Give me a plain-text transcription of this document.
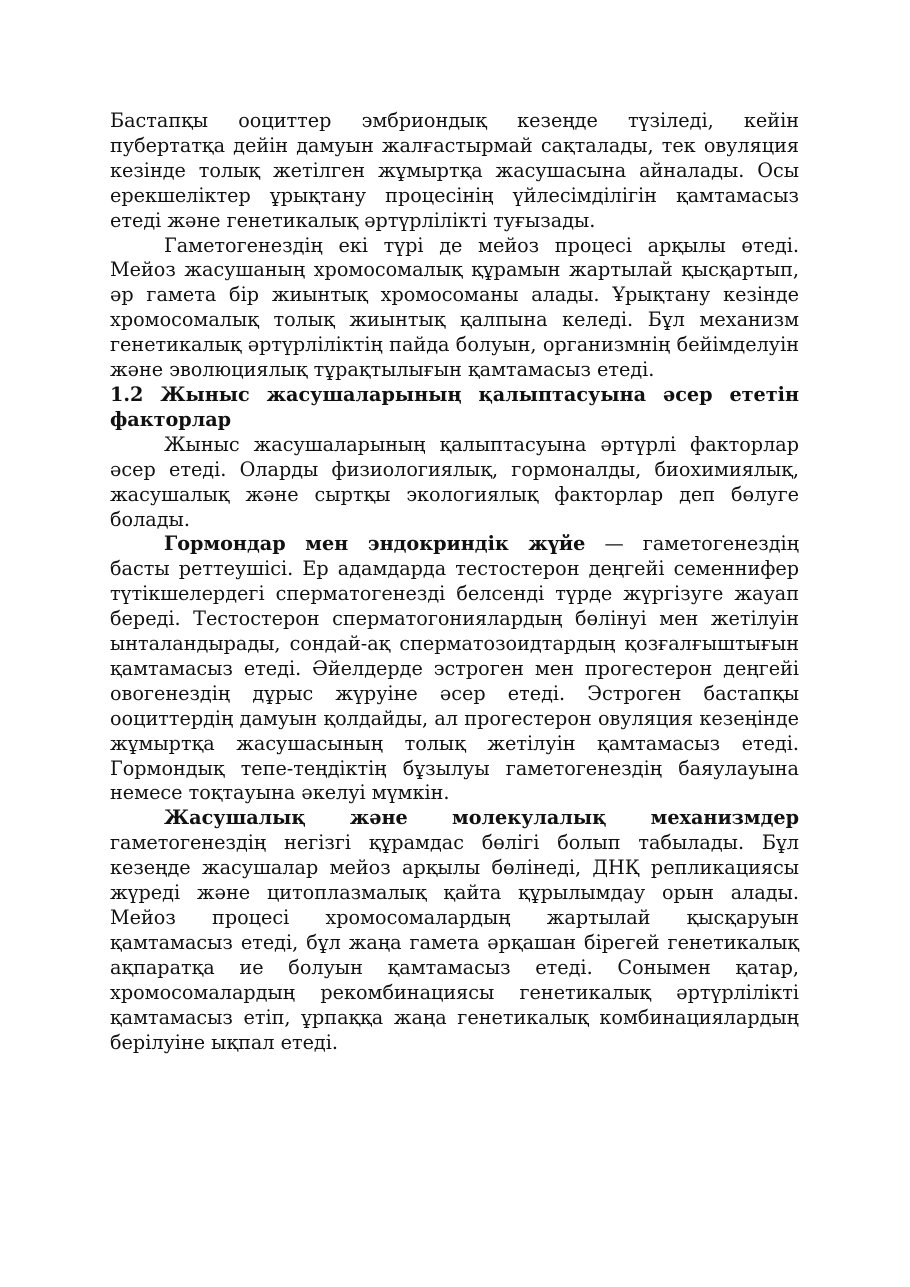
Бастапқы ооциттер эмбриондық кезеңде түзіледі, кейін пубертатқа дейін дамуын жалғастырмай сақталады, тек овуляция кезінде толық жетілген жұмыртқа жасушасына айналады. Осы ерекшеліктер ұрықтану процесінің үйлесімділігін қамтамасыз етеді және генетикалық әртүрлілікті туғызады.

Гаметогенездің екі түрі де мейоз процесі арқылы өтеді. Мейоз жасушаның хромосомалық құрамын жартылай қысқартып, әр гамета бір жиынтық хромосоманы алады. Ұрықтану кезінде хромосомалық толық жиынтық қалпына келеді. Бұл механизм генетикалық әртүрліліктің пайда болуын, организмнің бейімделуін және эволюциялық тұрақтылығын қамтамасыз етеді.

1.2 Жыныс жасушаларының қалыптасуына әсер ететін факторлар

Жыныс жасушаларының қалыптасуына әртүрлі факторлар әсер етеді. Оларды физиологиялық, гормоналды, биохимиялық, жасушалық және сыртқы экологиялық факторлар деп бөлуге болады.

Гормондар мен эндокриндік жүйе — гаметогенездің басты реттеушісі. Ер адамдарда тестостерон деңгейі семеннифер түтікшелердегі сперматогенезді белсенді түрде жүргізуге жауап береді. Тестостерон сперматогониялардың бөлінуі мен жетілуін ынталандырады, сондай-ақ сперматозоидтардың қозғалғыштығын қамтамасыз етеді. Әйелдерде эстроген мен прогестерон деңгейі овогенездің дұрыс жүруіне әсер етеді. Эстроген бастапқы ооциттердің дамуын қолдайды, ал прогестерон овуляция кезеңінде жұмыртқа жасушасының толық жетілуін қамтамасыз етеді. Гормондық тепе-теңдіктің бұзылуы гаметогенездің баяулауына немесе тоқтауына әкелуі мүмкін.

Жасушалық және молекулалық механизмдер гаметогенездің негізгі құрамдас бөлігі болып табылады. Бұл кезеңде жасушалар мейоз арқылы бөлінеді, ДНҚ репликациясы жүреді және цитоплазмалық қайта құрылымдау орын алады. Мейоз процесі хромосомалардың жартылай қысқаруын қамтамасыз етеді, бұл жаңа гамета әрқашан бірегей генетикалық ақпаратқа ие болуын қамтамасыз етеді. Сонымен қатар, хромосомалардың рекомбинациясы генетикалық әртүрлілікті қамтамасыз етіп, ұрпаққа жаңа генетикалық комбинациялардың берілуіне ықпал етеді.
